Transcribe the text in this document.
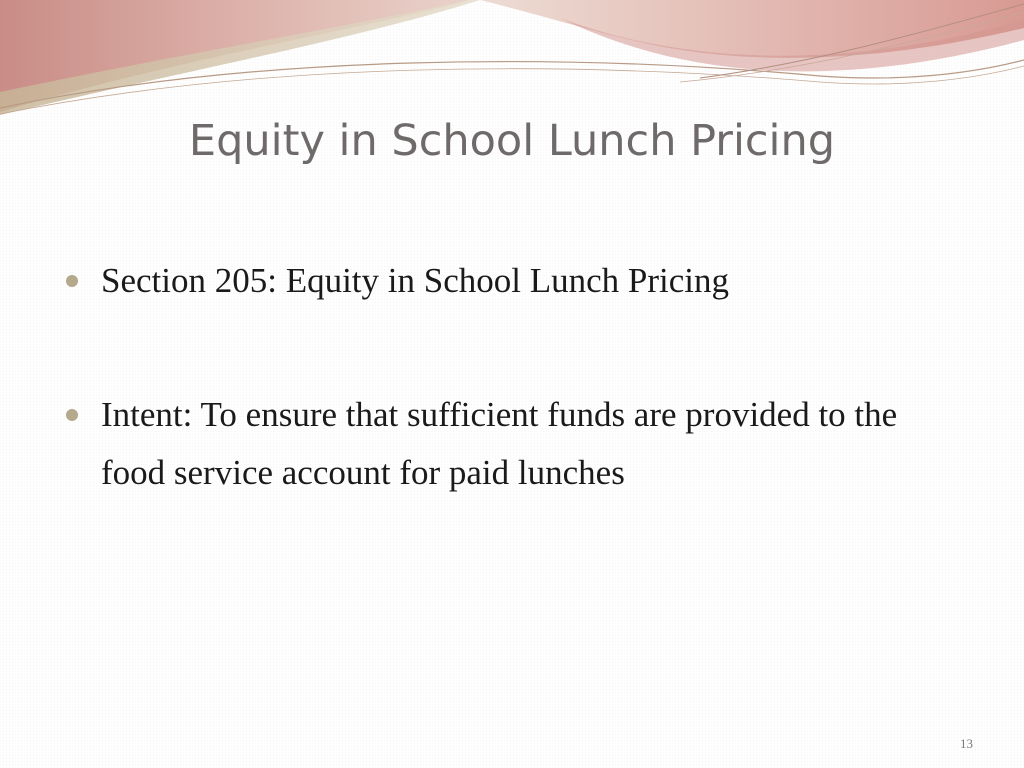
Equity in School Lunch Pricing
Section 205: Equity in School Lunch Pricing
Intent: To ensure that sufficient funds are provided to the food service account for paid lunches
13
